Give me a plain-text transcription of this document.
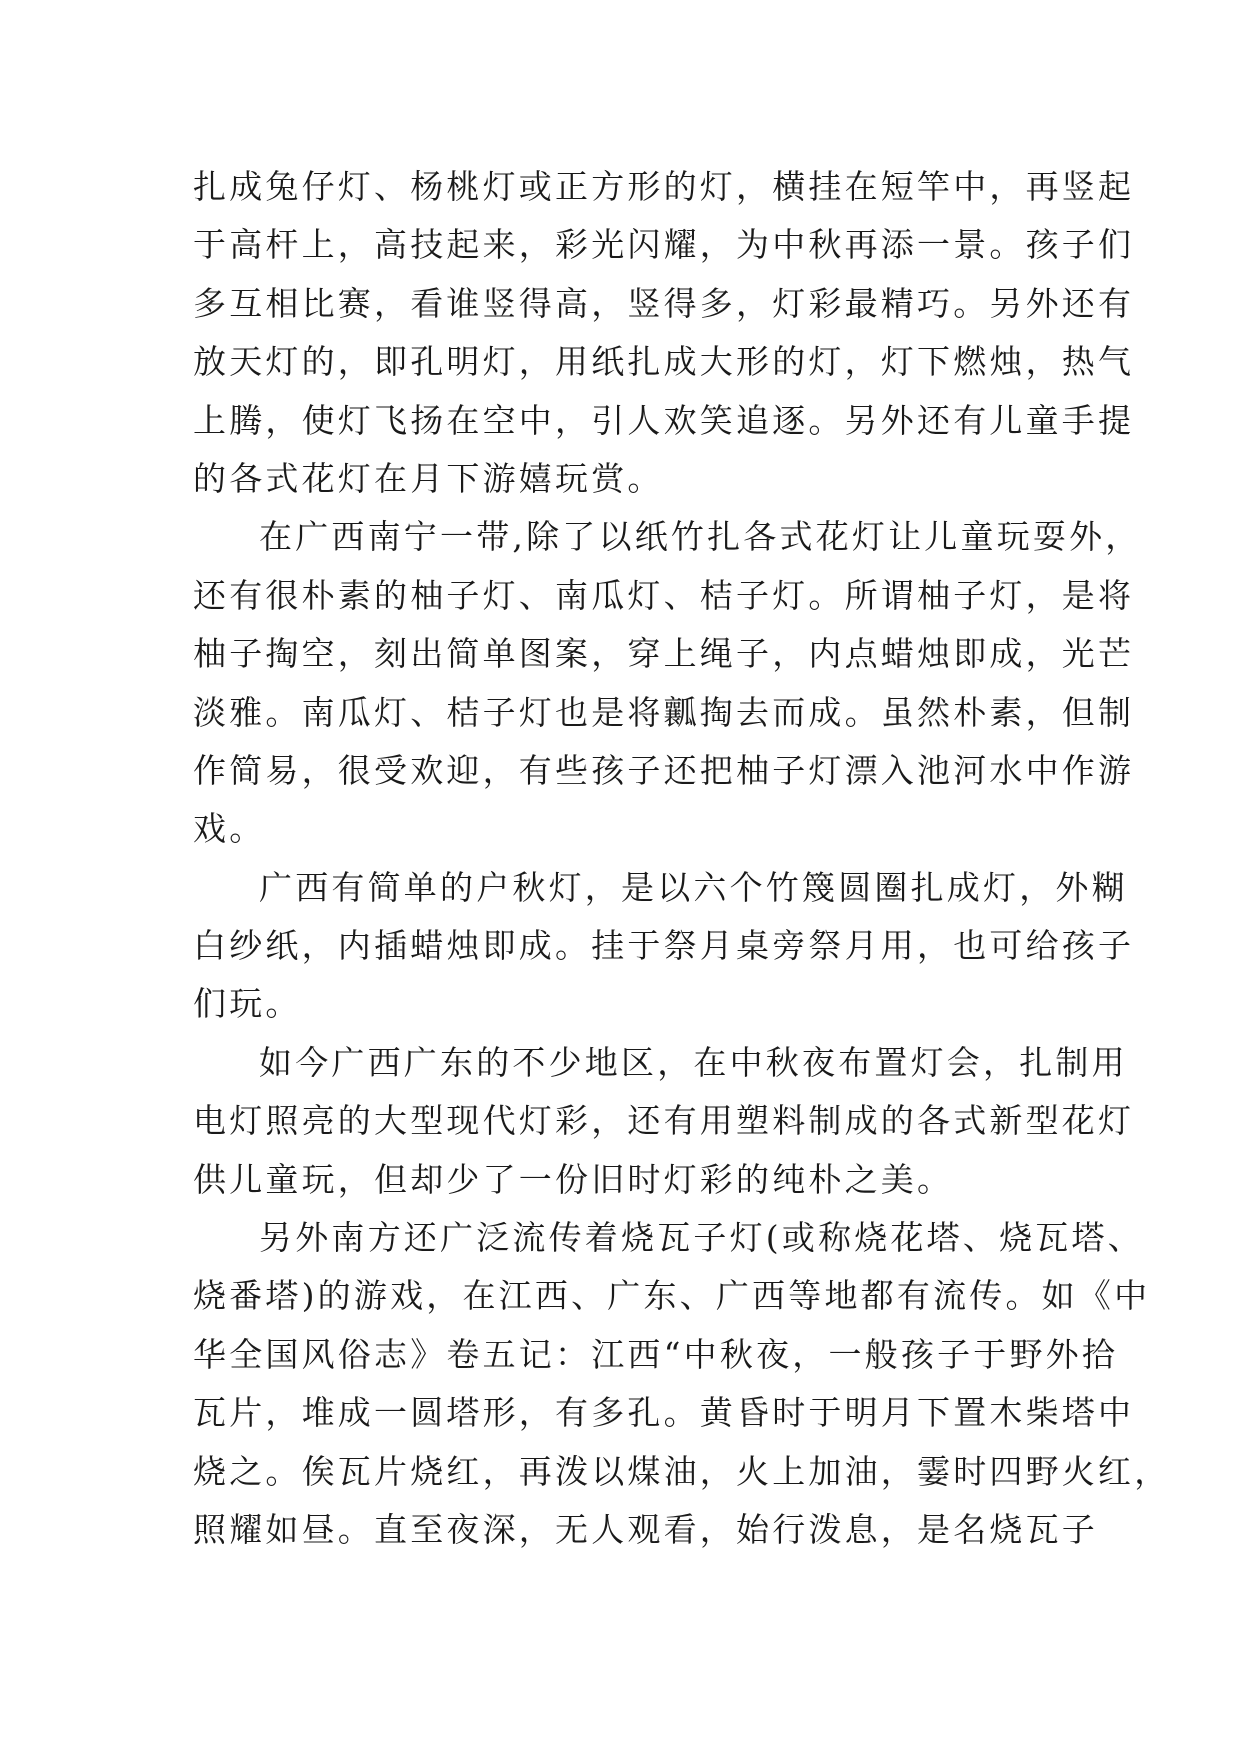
扎成兔仔灯、杨桃灯或正方形的灯，横挂在短竿中，再竖起
于高杆上，高技起来，彩光闪耀，为中秋再添一景。孩子们
多互相比赛，看谁竖得高，竖得多，灯彩最精巧。另外还有
放天灯的，即孔明灯，用纸扎成大形的灯，灯下燃烛，热气
上腾，使灯飞扬在空中，引人欢笑追逐。另外还有儿童手提
的各式花灯在月下游嬉玩赏。
在广西南宁一带,除了以纸竹扎各式花灯让儿童玩耍外，
还有很朴素的柚子灯、南瓜灯、桔子灯。所谓柚子灯，是将
柚子掏空，刻出简单图案，穿上绳子，内点蜡烛即成，光芒
淡雅。南瓜灯、桔子灯也是将瓤掏去而成。虽然朴素，但制
作简易，很受欢迎，有些孩子还把柚子灯漂入池河水中作游
戏。
广西有简单的户秋灯，是以六个竹篾圆圈扎成灯，外糊
白纱纸，内插蜡烛即成。挂于祭月桌旁祭月用，也可给孩子
们玩。
如今广西广东的不少地区，在中秋夜布置灯会，扎制用
电灯照亮的大型现代灯彩，还有用塑料制成的各式新型花灯
供儿童玩，但却少了一份旧时灯彩的纯朴之美。
另外南方还广泛流传着烧瓦子灯(或称烧花塔、烧瓦塔、
烧番塔)的游戏，在江西、广东、广西等地都有流传。如《中
华全国风俗志》卷五记：江西“中秋夜，一般孩子于野外拾
瓦片，堆成一圆塔形，有多孔。黄昏时于明月下置木柴塔中
烧之。俟瓦片烧红，再泼以煤油，火上加油，霎时四野火红，
照耀如昼。直至夜深，无人观看，始行泼息，是名烧瓦子
